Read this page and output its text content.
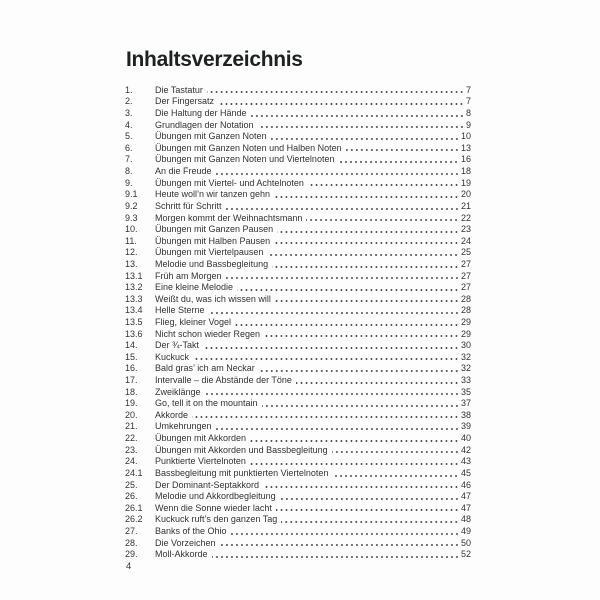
Inhaltsverzeichnis
1.	Die Tastatur	7
2.	Der Fingersatz	7
3.	Die Haltung der Hände	8
4.	Grundlagen der Notation	9
5.	Übungen mit Ganzen Noten	10
6.	Übungen mit Ganzen Noten und Halben Noten	13
7.	Übungen mit Ganzen Noten und Viertelnoten	16
8.	An die Freude	18
9.	Übungen mit Viertel- und Achtelnoten	19
9.1	Heute woll’n wir tanzen gehn	20
9.2	Schritt für Schritt	21
9.3	Morgen kommt der Weihnachtsmann	22
10.	Übungen mit Ganzen Pausen	23
11.	Übungen mit Halben Pausen	24
12.	Übungen mit Viertelpausen	25
13.	Melodie und Bassbegleitung	27
13.1	Früh am Morgen	27
13.2	Eine kleine Melodie	27
13.3	Weißt du, was ich wissen will	28
13.4	Helle Sterne	28
13.5	Flieg, kleiner Vogel	29
13.6	Nicht schon wieder Regen	29
14.	Der ¾-Takt	30
15.	Kuckuck	32
16.	Bald gras’ ich am Neckar	32
17.	Intervalle – die Abstände der Töne	33
18.	Zweiklänge	35
19.	Go, tell it on the mountain	37
20.	Akkorde	38
21.	Umkehrungen	39
22.	Übungen mit Akkorden	40
23.	Übungen mit Akkorden und Bassbegleitung	42
24.	Punktierte Viertelnoten	43
24.1	Bassbegleitung mit punktierten Viertelnoten	45
25.	Der Dominant-Septakkord	46
26.	Melodie und Akkordbegleitung	47
26.1	Wenn die Sonne wieder lacht	47
26.2	Kuckuck ruft’s den ganzen Tag	48
27.	Banks of the Ohio	49
28.	Die Vorzeichen	50
29.	Moll-Akkorde	52
4
